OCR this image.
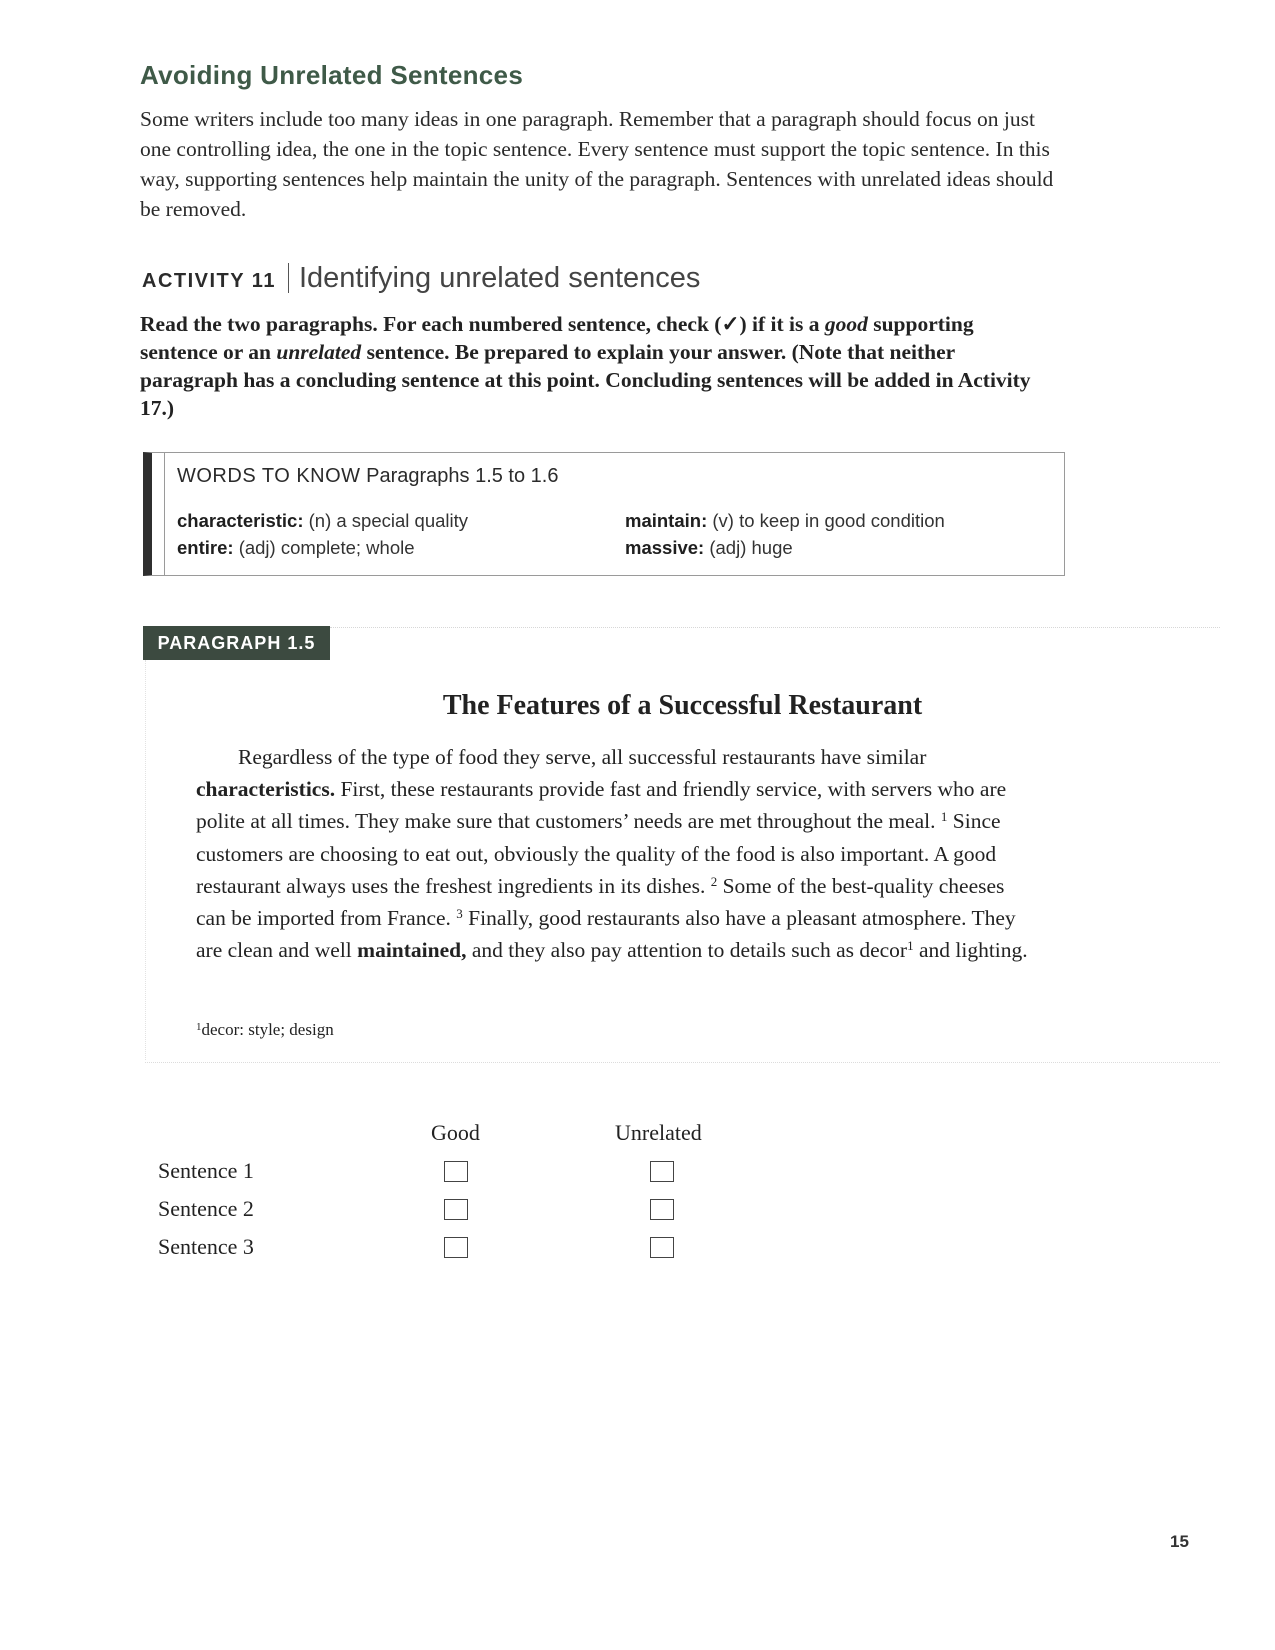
Avoiding Unrelated Sentences

Some writers include too many ideas in one paragraph. Remember that a paragraph should focus on just one controlling idea, the one in the topic sentence. Every sentence must support the topic sentence. In this way, supporting sentences help maintain the unity of the paragraph. Sentences with unrelated ideas should be removed.

ACTIVITY 11 Identifying unrelated sentences

Read the two paragraphs. For each numbered sentence, check (✓) if it is a good supporting sentence or an unrelated sentence. Be prepared to explain your answer. (Note that neither paragraph has a concluding sentence at this point. Concluding sentences will be added in Activity 17.)

WORDS TO KNOW Paragraphs 1.5 to 1.6

characteristic: (n) a special quality
entire: (adj) complete; whole
maintain: (v) to keep in good condition
massive: (adj) huge
PARAGRAPH 1.5
The Features of a Successful Restaurant

Regardless of the type of food they serve, all successful restaurants have similar characteristics. First, these restaurants provide fast and friendly service, with servers who are polite at all times. They make sure that customers’ needs are met throughout the meal. $^1$ Since customers are choosing to eat out, obviously the quality of the food is also important. A good restaurant always uses the freshest ingredients in its dishes. $^2$ Some of the best-quality cheeses can be imported from France. $^3$ Finally, good restaurants also have a pleasant atmosphere. They are clean and well maintained, and they also pay attention to details such as decor$^1$ and lighting.

$^1$decor: style; design

Good	Unrelated
Sentence 1
Sentence 2
Sentence 3

15
